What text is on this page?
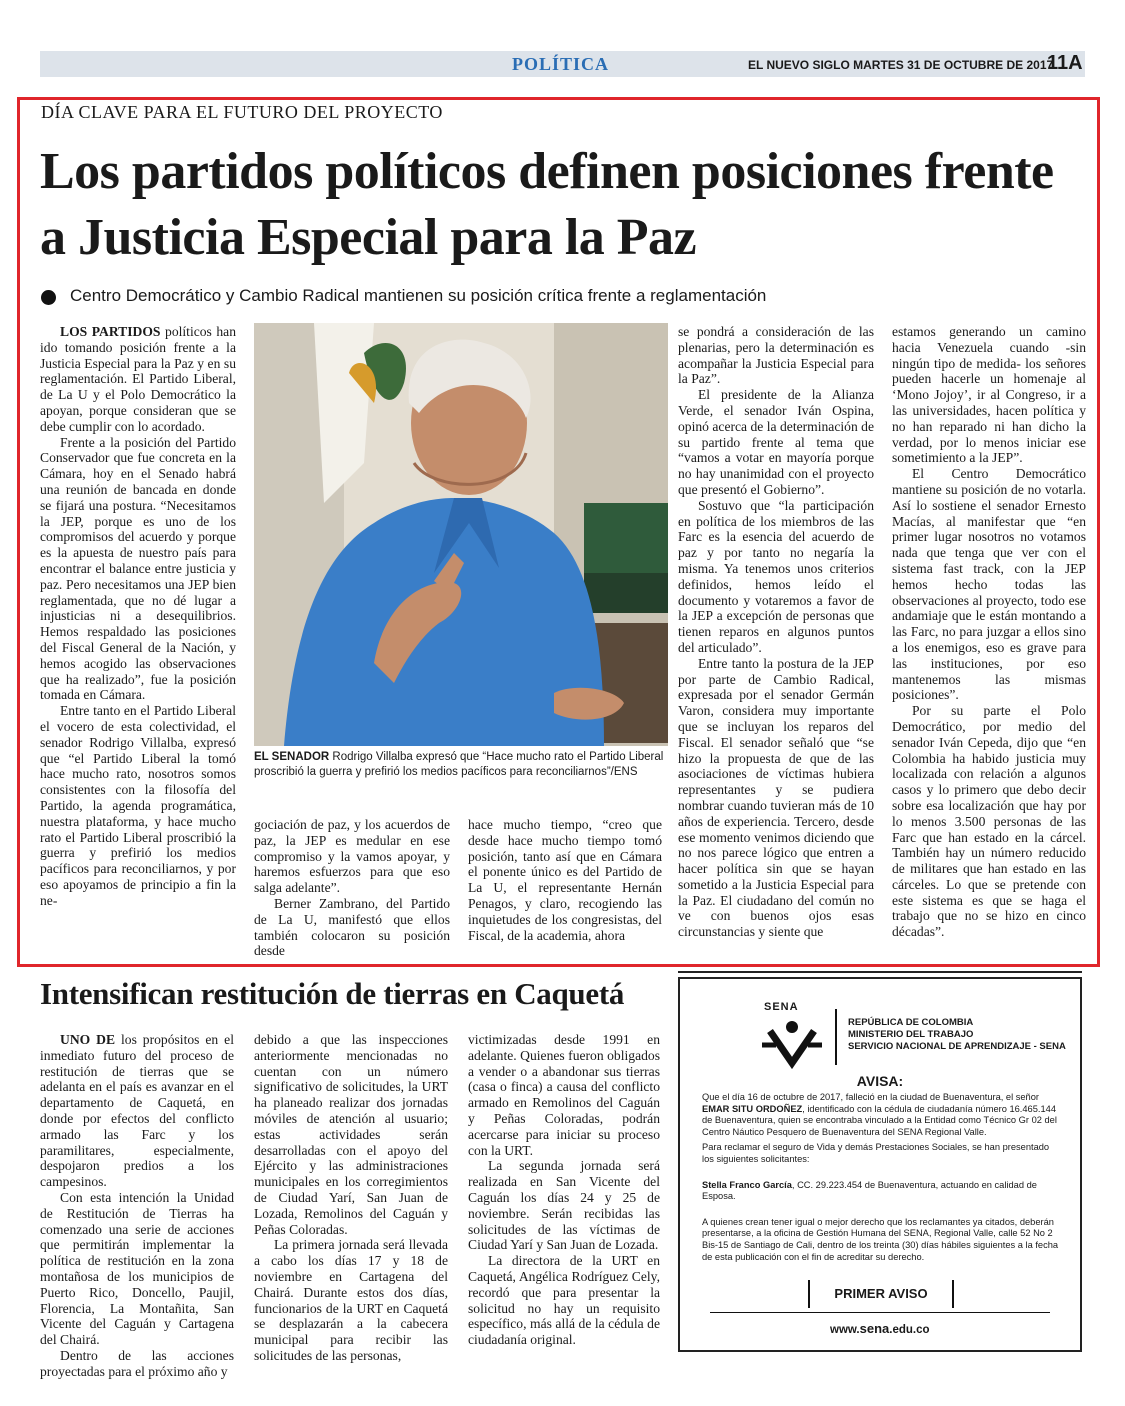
POLÍTICA	EL NUEVO SIGLO MARTES 31 DE OCTUBRE DE 2017
11A
DÍA CLAVE PARA EL FUTURO DEL PROYECTO
Los partidos políticos definen posiciones frente a Justicia Especial para la Paz
Centro Democrático y Cambio Radical mantienen su posición crítica frente a reglamentación

LOS PARTIDOS políticos han ido tomando posición frente a la Justicia Especial para la Paz y en su reglamentación. El Partido Liberal, de La U y el Polo Democrático la apoyan, porque consideran que se debe cumplir con lo acordado.

Frente a la posición del Partido Conservador que fue concreta en la Cámara, hoy en el Senado habrá una reunión de bancada en donde se fijará una postura. “Necesitamos la JEP, porque es uno de los compromisos del acuerdo y porque es la apuesta de nuestro país para encontrar el balance entre justicia y paz. Pero necesitamos una JEP bien reglamentada, que no dé lugar a injusticias ni a desequilibrios. Hemos respaldado las posiciones del Fiscal General de la Nación, y hemos acogido las observaciones que ha realizado”, fue la posición tomada en Cámara.

Entre tanto en el Partido Liberal el vocero de esta colectividad, el senador Rodrigo Villalba, expresó que “el Partido Liberal la tomó hace mucho rato, nosotros somos consistentes con la filosofía del Partido, la agenda programática, nuestra plataforma, y hace mucho rato el Partido Liberal proscribió la guerra y prefirió los medios pacíficos para reconciliarnos, y por eso apoyamos de principio a fin la ne-

EL SENADOR Rodrigo Villalba expresó que “Hace mucho rato el Partido Liberal proscribió la guerra y prefirió los medios pacíficos para reconciliarnos”/ENS

gociación de paz, y los acuerdos de paz, la JEP es medular en ese compromiso y la vamos apoyar, y haremos esfuerzos para que eso salga adelante”.

Berner Zambrano, del Partido de La U, manifestó que ellos también colocaron su posición desde

hace mucho tiempo, “creo que desde hace mucho tiempo tomó posición, tanto así que en Cámara el ponente único es del Partido de La U, el representante Hernán Penagos, y claro, recogiendo las inquietudes de los congresistas, del Fiscal, de la academia, ahora

se pondrá a consideración de las plenarias, pero la determinación es acompañar la Justicia Especial para la Paz”.

El presidente de la Alianza Verde, el senador Iván Ospina, opinó acerca de la determinación de su partido frente al tema que “vamos a votar en mayoría porque no hay unanimidad con el proyecto que presentó el Gobierno”.

Sostuvo que “la participación en política de los miembros de las Farc es la esencia del acuerdo de paz y por tanto no negaría la misma. Ya tenemos unos criterios definidos, hemos leído el documento y votaremos a favor de la JEP a excepción de personas que tienen reparos en algunos puntos del articulado”.

Entre tanto la postura de la JEP por parte de Cambio Radical, expresada por el senador Germán Varon, considera muy importante que se incluyan los reparos del Fiscal. El senador señaló que “se hizo la propuesta de que de las asociaciones de víctimas hubiera representantes y se pudiera nombrar cuando tuvieran más de 10 años de experiencia. Tercero, desde ese momento venimos diciendo que no nos parece lógico que entren a hacer política sin que se hayan sometido a la Justicia Especial para la Paz. El ciudadano del común no ve con buenos ojos esas circunstancias y siente que

estamos generando un camino hacia Venezuela cuando -sin ningún tipo de medida- los señores pueden hacerle un homenaje al ‘Mono Jojoy’, ir al Congreso, ir a las universidades, hacen política y no han reparado ni han dicho la verdad, por lo menos iniciar ese sometimiento a la JEP”.

El Centro Democrático mantiene su posición de no votarla. Así lo sostiene el senador Ernesto Macías, al manifestar que “en primer lugar nosotros no votamos nada que tenga que ver con el sistema fast track, con la JEP hemos hecho todas las observaciones al proyecto, todo ese andamiaje que le están montando a las Farc, no para juzgar a ellos sino a los enemigos, eso es grave para las instituciones, por eso mantenemos las mismas posiciones”.

Por su parte el Polo Democrático, por medio del senador Iván Cepeda, dijo que “en Colombia ha habido justicia muy localizada con relación a algunos casos y lo primero que debo decir sobre esa localización que hay por lo menos 3.500 personas de las Farc que han estado en la cárcel. También hay un número reducido de militares que han estado en las cárceles. Lo que se pretende con este sistema es que se haga el trabajo que no se hizo en cinco décadas”.

Intensifican restitución de tierras en Caquetá

UNO DE los propósitos en el inmediato futuro del proceso de restitución de tierras que se adelanta en el país es avanzar en el departamento de Caquetá, en donde por efectos del conflicto armado las Farc y los paramilitares, especialmente, despojaron predios a los campesinos.

Con esta intención la Unidad de Restitución de Tierras ha comenzado una serie de acciones que permitirán implementar la política de restitución en la zona montañosa de los municipios de Puerto Rico, Doncello, Paujil, Florencia, La Montañita, San Vicente del Caguán y Cartagena del Chairá.

Dentro de las acciones proyectadas para el próximo año y

debido a que las inspecciones anteriormente mencionadas no cuentan con un número significativo de solicitudes, la URT ha planeado realizar dos jornadas móviles de atención al usuario; estas actividades serán desarrolladas con el apoyo del Ejército y las administraciones municipales en los corregimientos de Ciudad Yarí, San Juan de Lozada, Remolinos del Caguán y Peñas Coloradas.

La primera jornada será llevada a cabo los días 17 y 18 de noviembre en Cartagena del Chairá. Durante estos dos días, funcionarios de la URT en Caquetá se desplazarán a la cabecera municipal para recibir las solicitudes de las personas,

victimizadas desde 1991 en adelante. Quienes fueron obligados a vender o a abandonar sus tierras (casa o finca) a causa del conflicto armado en Remolinos del Caguán y Peñas Coloradas, podrán acercarse para iniciar su proceso con la URT.

La segunda jornada será realizada en San Vicente del Caguán los días 24 y 25 de noviembre. Serán recibidas las solicitudes de las víctimas de Ciudad Yarí y San Juan de Lozada.

La directora de la URT en Caquetá, Angélica Rodríguez Cely, recordó que para presentar la solicitud no hay un requisito específico, más allá de la cédula de ciudadanía original.

SENA
REPÚBLICA DE COLOMBIA
MINISTERIO DEL TRABAJO
SERVICIO NACIONAL DE APRENDIZAJE - SENA
AVISA:
Que el día 16 de octubre de 2017, falleció en la ciudad de Buenaventura, el señor EMAR SITU ORDOÑEZ, identificado con la cédula de ciudadanía número 16.465.144 de Buenaventura, quien se encontraba vinculado a la Entidad como Técnico Gr 02 del Centro Náutico Pesquero de Buenaventura del SENA Regional Valle.
Para reclamar el seguro de Vida y demás Prestaciones Sociales, se han presentado los siguientes solicitantes:
Stella Franco García, CC. 29.223.454 de Buenaventura, actuando en calidad de Esposa.
A quienes crean tener igual o mejor derecho que los reclamantes ya citados, deberán presentarse, a la oficina de Gestión Humana del SENA, Regional Valle, calle 52 No 2 Bis-15 de Santiago de Cali, dentro de los treinta (30) días hábiles siguientes a la fecha de esta publicación con el fin de acreditar su derecho.
PRIMER AVISO
www.sena.edu.co
